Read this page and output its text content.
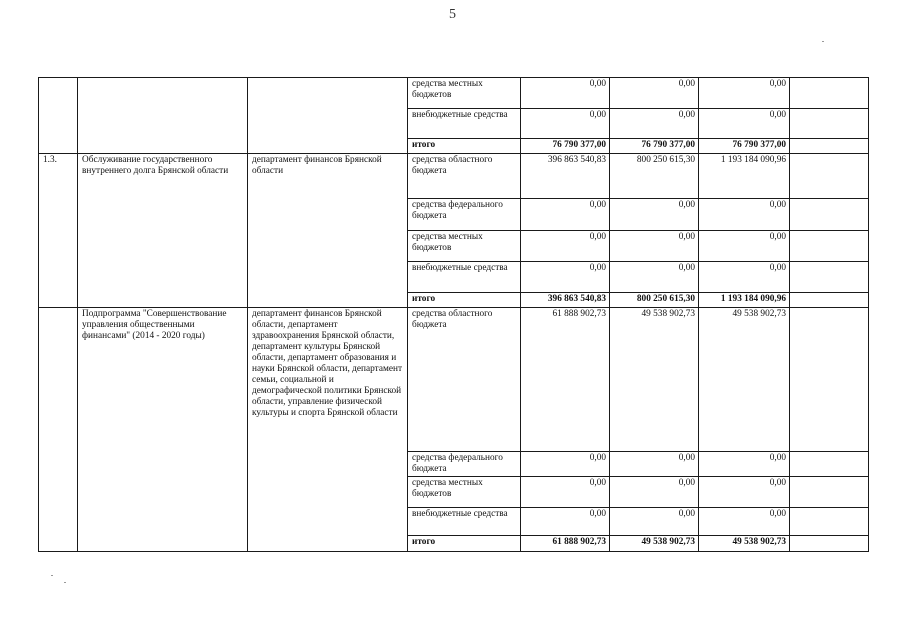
5
			средства местных бюджетов	0,00	0,00	0,00	
			внебюджетные средства	0,00	0,00	0,00	
			итого	76 790 377,00	76 790 377,00	76 790 377,00	
1.3.	Обслуживание государственного внутреннего долга Брянской области	департамент финансов Брянской области	средства областного бюджета	396 863 540,83	800 250 615,30	1 193 184 090,96	
			средства федерального бюджета	0,00	0,00	0,00	
			средства местных бюджетов	0,00	0,00	0,00	
			внебюджетные средства	0,00	0,00	0,00	
			итого	396 863 540,83	800 250 615,30	1 193 184 090,96	
	Подпрограмма "Совершенствование управления общественными финансами" (2014 - 2020 годы)	департамент финансов Брянской области, департамент здравоохранения Брянской области, департамент культуры Брянской области, департамент образования и науки Брянской области, департамент семьи, социальной и демографической политики Брянской области, управление физической культуры и спорта Брянской области	средства областного бюджета	61 888 902,73	49 538 902,73	49 538 902,73	
			средства федерального бюджета	0,00	0,00	0,00	
			средства местных бюджетов	0,00	0,00	0,00	
			внебюджетные средства	0,00	0,00	0,00	
			итого	61 888 902,73	49 538 902,73	49 538 902,73	
